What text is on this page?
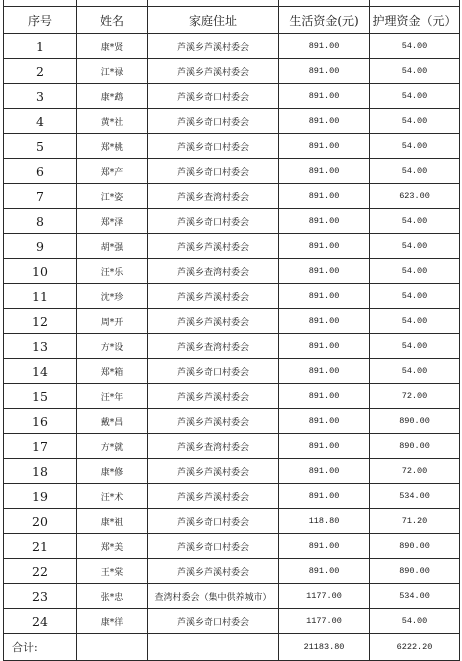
序号	姓名	家庭住址	生活资金(元)	护理资金（元）
1	康*贤	芦溪乡芦溪村委会	891.00	54.00
2	江*禄	芦溪乡芦溪村委会	891.00	54.00
3	康*鹉	芦溪乡奇口村委会	891.00	54.00
4	黄*社	芦溪乡奇口村委会	891.00	54.00
5	郑*桃	芦溪乡奇口村委会	891.00	54.00
6	郑*产	芦溪乡奇口村委会	891.00	54.00
7	江*姿	芦溪乡查湾村委会	891.00	623.00
8	郑*泽	芦溪乡奇口村委会	891.00	54.00
9	胡*强	芦溪乡芦溪村委会	891.00	54.00
10	汪*乐	芦溪乡查湾村委会	891.00	54.00
11	沈*珍	芦溪乡芦溪村委会	891.00	54.00
12	周*开	芦溪乡芦溪村委会	891.00	54.00
13	方*设	芦溪乡查湾村委会	891.00	54.00
14	郑*箱	芦溪乡奇口村委会	891.00	54.00
15	汪*年	芦溪乡芦溪村委会	891.00	72.00
16	戴*昌	芦溪乡芦溪村委会	891.00	890.00
17	方*就	芦溪乡查湾村委会	891.00	890.00
18	康*修	芦溪乡芦溪村委会	891.00	72.00
19	汪*术	芦溪乡芦溪村委会	891.00	534.00
20	康*祖	芦溪乡奇口村委会	118.80	71.20
21	郑*美	芦溪乡奇口村委会	891.00	890.00
22	王*棠	芦溪乡芦溪村委会	891.00	890.00
23	张*忠	查湾村委会（集中供养城市）	1177.00	534.00
24	康*徉	芦溪乡奇口村委会	1177.00	54.00
合计:			21183.80	6222.20
